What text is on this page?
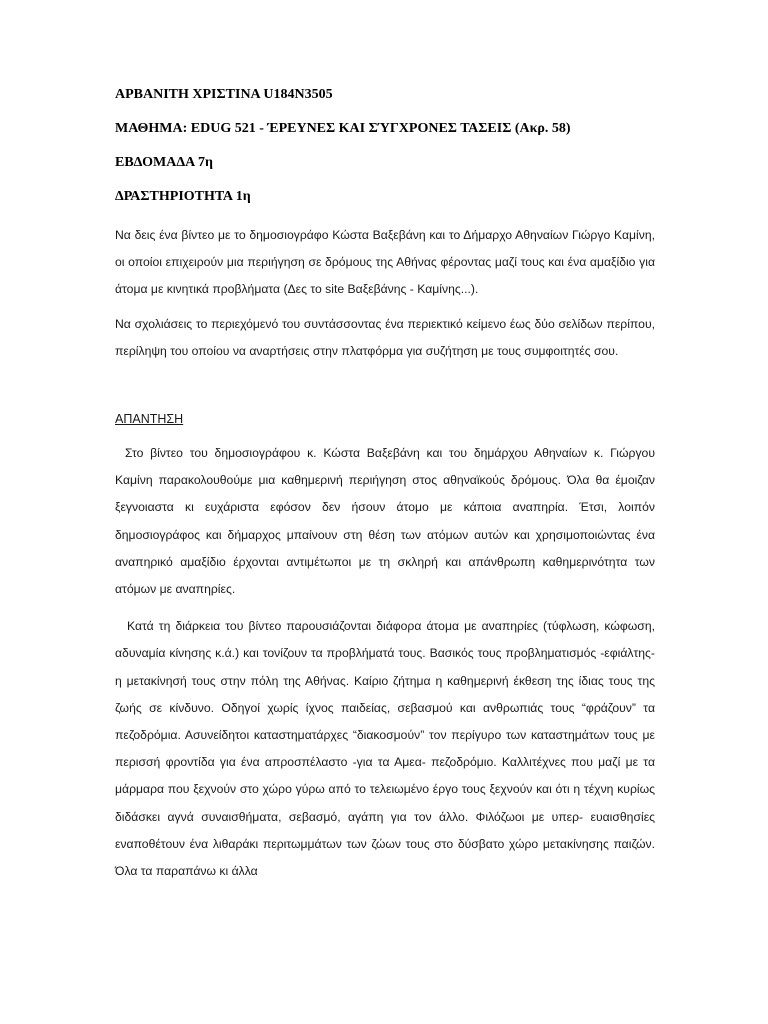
ΑΡΒΑΝΙΤΗ ΧΡΙΣΤΙΝΑ U184N3505
ΜΑΘΗΜΑ: EDUG 521 - ΈΡΕΥΝΕΣ ΚΑΙ ΣΎΓΧΡΟΝΕΣ ΤΑΣΕΙΣ (Ακρ. 58)
ΕΒΔΟΜΑΔΑ 7η
ΔΡΑΣΤΗΡΙΟΤΗΤΑ 1η

Να δεις ένα βίντεο με το δημοσιογράφο Κώστα Βαξεβάνη και το Δήμαρχο Αθηναίων Γιώργο Καμίνη, οι οποίοι επιχειρούν μια περιήγηση σε δρόμους της Αθήνας φέροντας μαζί τους και ένα αμαξίδιο για άτομα με κινητικά προβλήματα (Δες το site Βαξεβάνης - Καμίνης...).

Να σχολιάσεις το περιεχόμενό του συντάσσοντας ένα περιεκτικό κείμενο έως δύο σελίδων περίπου, περίληψη του οποίου να αναρτήσεις στην πλατφόρμα για συζήτηση με τους συμφοιτητές σου.

ΑΠΑΝΤΗΣΗ

Στο βίντεο του δημοσιογράφου κ. Κώστα Βαξεβάνη και του δημάρχου Αθηναίων κ. Γιώργου Καμίνη παρακολουθούμε μια καθημερινή περιήγηση στος αθηναϊκούς δρόμους. Όλα θα έμοιζαν ξεγνοιαστα κι ευχάριστα εφόσον δεν ήσουν άτομο με κάποια αναπηρία. Έτσι, λοιπόν δημοσιογράφος και δήμαρχος μπαίνουν στη θέση των ατόμων αυτών και χρησιμοποιώντας ένα αναπηρικό αμαξίδιο έρχονται αντιμέτωποι με τη σκληρή και απάνθρωπη καθημερινότητα των ατόμων με αναπηρίες.

Κατά τη διάρκεια του βίντεο παρουσιάζονται διάφορα άτομα με αναπηρίες (τύφλωση, κώφωση, αδυναμία κίνησης κ.ά.) και τονίζουν τα προβλήματά τους. Βασικός τους προβληματισμός -εφιάλτης- η μετακίνησή τους στην πόλη της Αθήνας. Καίριο ζήτημα η καθημερινή έκθεση της ίδιας τους της ζωής σε κίνδυνο. Οδηγοί χωρίς ίχνος παιδείας, σεβασμού και ανθρωπιάς τους “φράζουν” τα πεζοδρόμια. Ασυνείδητοι καταστηματάρχες “διακοσμούν” τον περίγυρο των καταστημάτων τους με περισσή φροντίδα για ένα απροσπέλαστο -για τα Αμεα- πεζοδρόμιο. Καλλιτέχνες που μαζί με τα μάρμαρα που ξεχνούν στο χώρο γύρω από το τελειωμένο έργο τους ξεχνούν και ότι η τέχνη κυρίως διδάσκει αγνά συναισθήματα, σεβασμό, αγάπη για τον άλλο. Φιλόζωοι με υπερ- ευαισθησίες εναποθέτουν ένα λιθαράκι περιτωμμάτων των ζώων τους στο δύσβατο χώρο μετακίνησης παιζών. Όλα τα παραπάνω κι άλλα
